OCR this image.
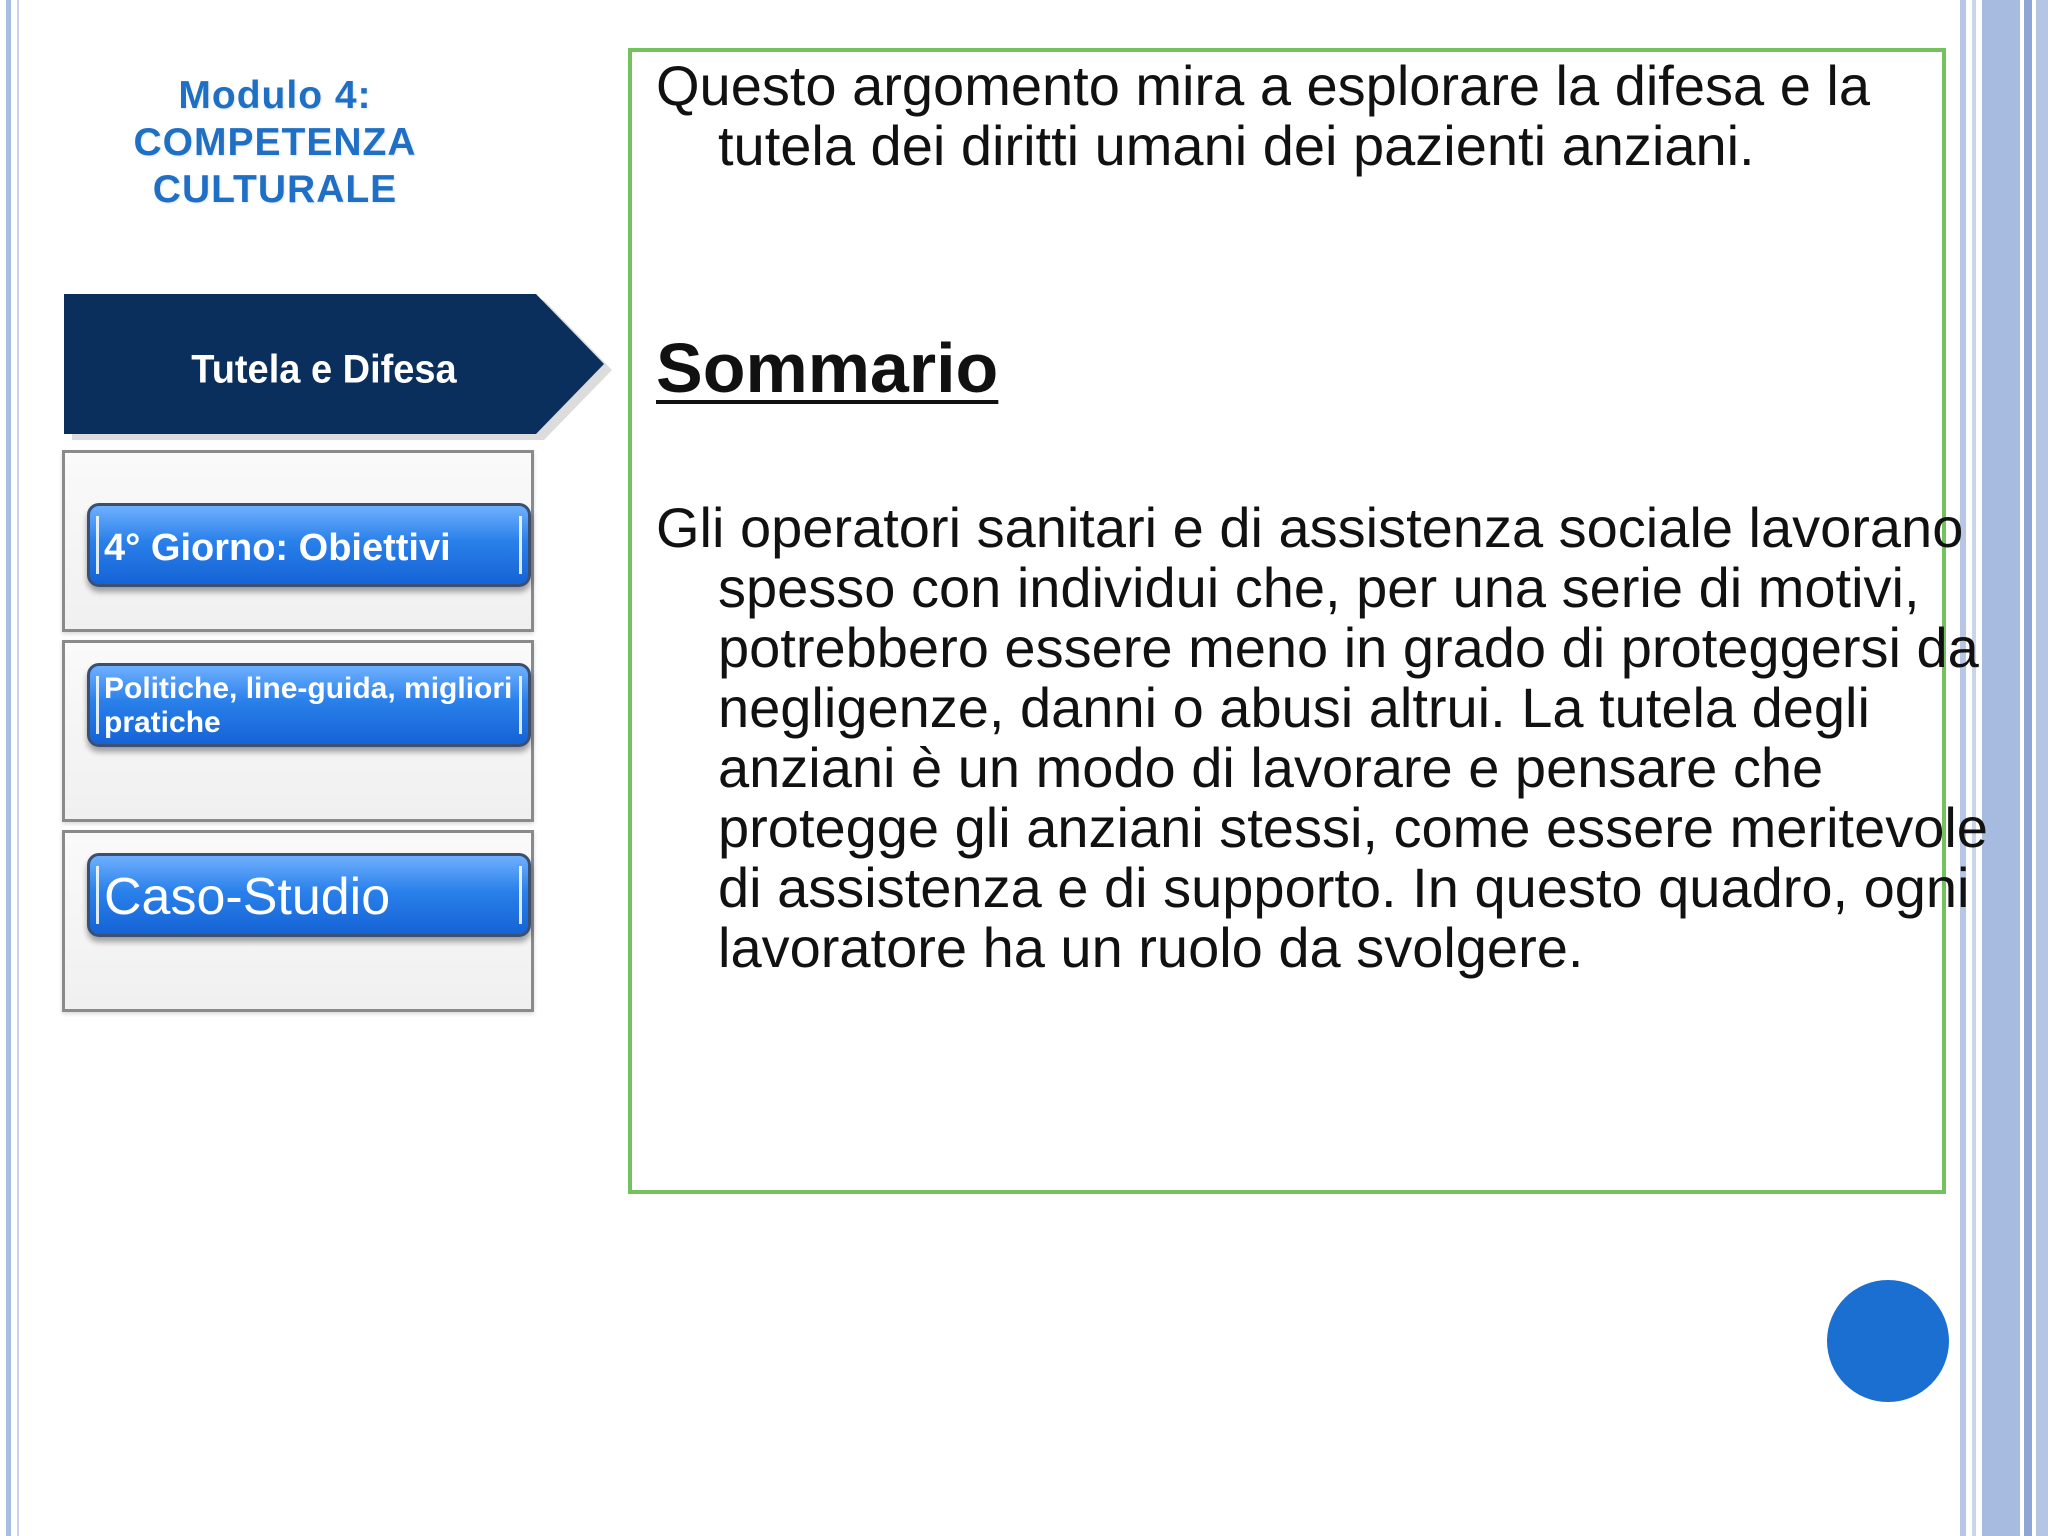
Modulo 4:
COMPETENZA
CULTURALE
Tutela e Difesa
4° Giorno: Obiettivi
Politiche, line-guida, migliori pratiche
Caso-Studio
Questo argomento mira a esplorare la difesa e la tutela dei diritti umani dei pazienti anziani.
Sommario
Gli operatori sanitari e di assistenza sociale lavorano spesso con individui che, per una serie di motivi, potrebbero essere meno in grado di proteggersi da negligenze, danni o abusi altrui. La tutela degli anziani è un modo di lavorare e pensare che protegge gli anziani stessi, come essere meritevole di assistenza e di supporto. In questo quadro, ogni lavoratore ha un ruolo da svolgere.
